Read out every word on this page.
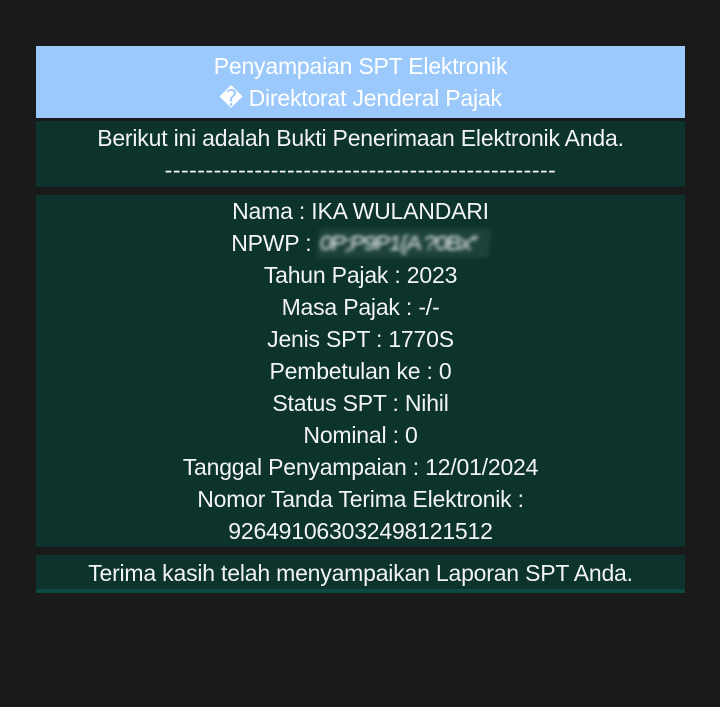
Penyampaian SPT Elektronik
� Direktorat Jenderal Pajak
Berikut ini adalah Bukti Penerimaan Elektronik Anda.
------------------------------------------------
Nama : IKA WULANDARI
NPWP : 0P;P9P1{A ?0Bx''
Tahun Pajak : 2023
Masa Pajak : -/-
Jenis SPT : 1770S
Pembetulan ke : 0
Status SPT : Nihil
Nominal : 0
Tanggal Penyampaian : 12/01/2024
Nomor Tanda Terima Elektronik :
926491063032498121512
Terima kasih telah menyampaikan Laporan SPT Anda.
